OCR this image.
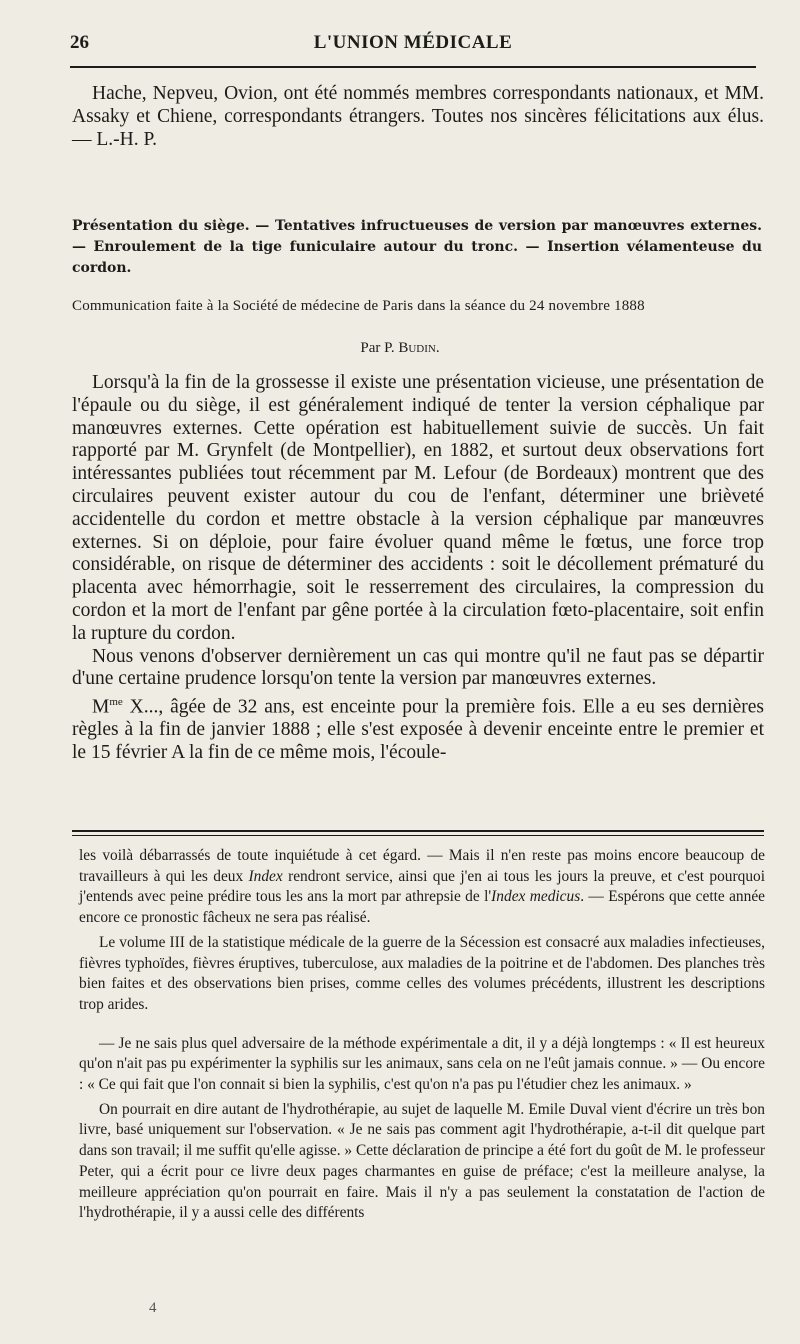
26	L'UNION MÉDICALE

Hache, Nepveu, Ovion, ont été nommés membres correspondants nationaux, et MM. Assaky et Chiene, correspondants étrangers. Toutes nos sincères félicitations aux élus. — L.-H. P.

Présentation du siège. — Tentatives infructueuses de version par manœuvres externes. — Enroulement de la tige funiculaire autour du tronc. — Insertion vélamenteuse du cordon.
Communication faite à la Société de médecine de Paris dans la séance du 24 novembre 1888
Par P. Budin.

Lorsqu'à la fin de la grossesse il existe une présentation vicieuse, une présentation de l'épaule ou du siège, il est généralement indiqué de tenter la version céphalique par manœuvres externes. Cette opération est habituellement suivie de succès. Un fait rapporté par M. Grynfelt (de Montpellier), en 1882, et surtout deux observations fort intéressantes publiées tout récemment par M. Lefour (de Bordeaux) montrent que des circulaires peuvent exister autour du cou de l'enfant, déterminer une brièveté accidentelle du cordon et mettre obstacle à la version céphalique par manœuvres externes. Si on déploie, pour faire évoluer quand même le fœtus, une force trop considérable, on risque de déterminer des accidents : soit le décollement prématuré du placenta avec hémorrhagie, soit le resserrement des circulaires, la compression du cordon et la mort de l'enfant par gêne portée à la circulation fœto-placentaire, soit enfin la rupture du cordon.

Nous venons d'observer dernièrement un cas qui montre qu'il ne faut pas se départir d'une certaine prudence lorsqu'on tente la version par manœuvres externes.

$M^{me}$ X..., âgée de 32 ans, est enceinte pour la première fois. Elle a eu ses dernières règles à la fin de janvier 1888 ; elle s'est exposée à devenir enceinte entre le premier et le 15 février A la fin de ce même mois, l'écoule-

les voilà débarrassés de toute inquiétude à cet égard. — Mais il n'en reste pas moins encore beaucoup de travailleurs à qui les deux Index rendront service, ainsi que j'en ai tous les jours la preuve, et c'est pourquoi j'entends avec peine prédire tous les ans la mort par athrepsie de l'Index medicus. — Espérons que cette année encore ce pronostic fâcheux ne sera pas réalisé.

Le volume III de la statistique médicale de la guerre de la Sécession est consacré aux maladies infectieuses, fièvres typhoïdes, fièvres éruptives, tuberculose, aux maladies de la poitrine et de l'abdomen. Des planches très bien faites et des observations bien prises, comme celles des volumes précédents, illustrent les descriptions trop arides.

— Je ne sais plus quel adversaire de la méthode expérimentale a dit, il y a déjà longtemps : « Il est heureux qu'on n'ait pas pu expérimenter la syphilis sur les animaux, sans cela on ne l'eût jamais connue. » — Ou encore : « Ce qui fait que l'on connait si bien la syphilis, c'est qu'on n'a pas pu l'étudier chez les animaux. »

On pourrait en dire autant de l'hydrothérapie, au sujet de laquelle M. Emile Duval vient d'écrire un très bon livre, basé uniquement sur l'observation. « Je ne sais pas comment agit l'hydrothérapie, a-t-il dit quelque part dans son travail; il me suffit qu'elle agisse. » Cette déclaration de principe a été fort du goût de M. le professeur Peter, qui a écrit pour ce livre deux pages charmantes en guise de préface; c'est la meilleure analyse, la meilleure appréciation qu'on pourrait en faire. Mais il n'y a pas seulement la constatation de l'action de l'hydrothérapie, il y a aussi celle des différents

4
